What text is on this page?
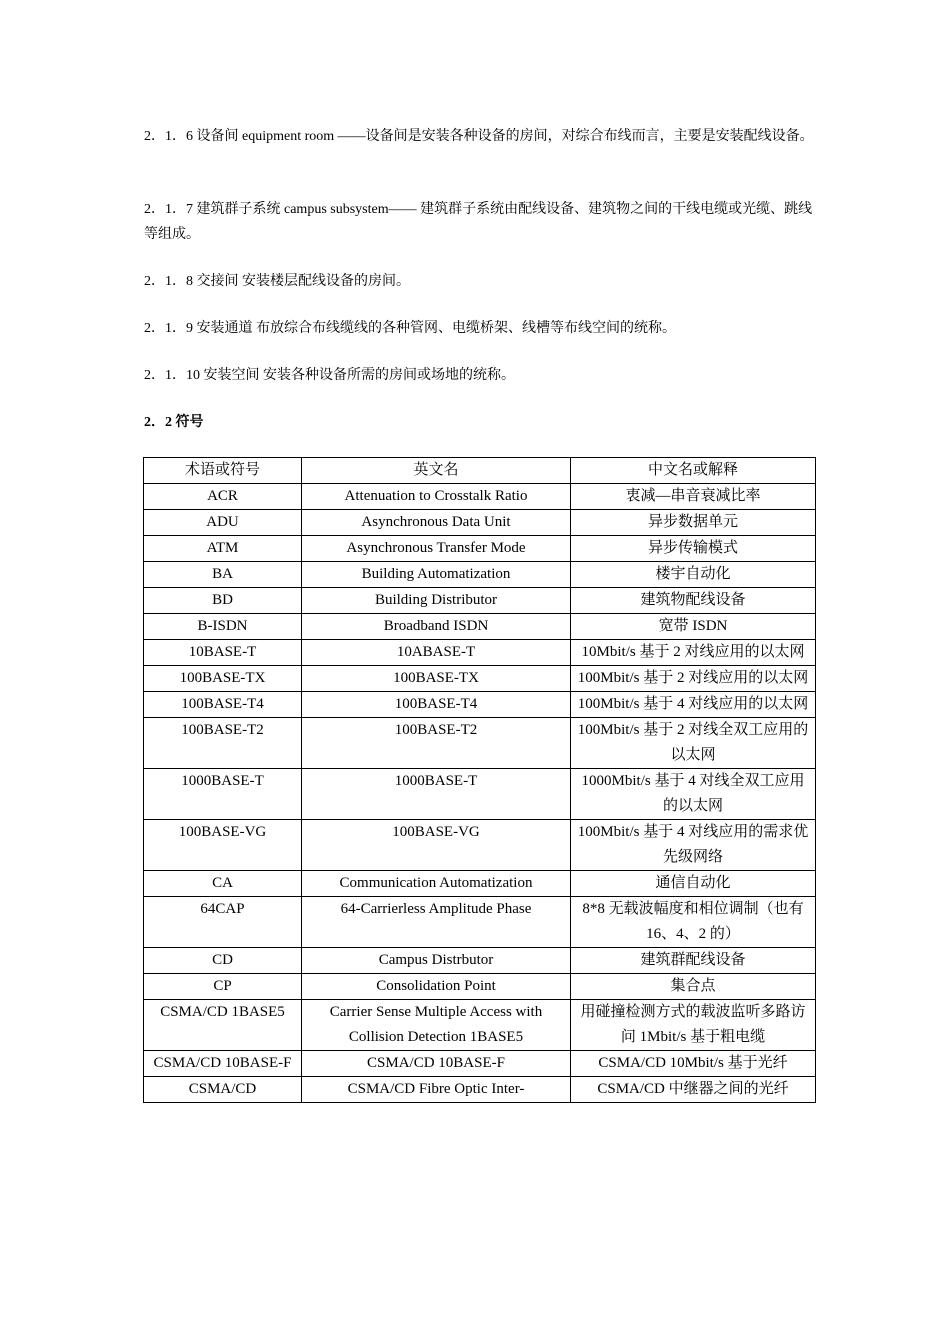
2．1．6 设备间 equipment room ——设备间是安装各种设备的房间，对综合布线而言，主要是安装配线设备。

2．1．7 建筑群子系统 campus subsystem—— 建筑群子系统由配线设备、建筑物之间的干线电缆或光缆、跳线等组成。

2．1．8 交接间 安装楼层配线设备的房间。

2．1．9 安装通道 布放综合布线缆线的各种管网、电缆桥架、线槽等布线空间的统称。

2．1．10 安装空间 安装各种设备所需的房间或场地的统称。

2．2 符号

术语或符号	英文名	中文名或解释
ACR	Attenuation to Crosstalk Ratio	衷减—串音衰减比率
ADU	Asynchronous Data Unit	异步数据单元
ATM	Asynchronous Transfer Mode	异步传输模式
BA	Building Automatization	楼宇自动化
BD	Building Distributor	建筑物配线设备
B-ISDN	Broadband ISDN	宽带 ISDN
10BASE-T	10ABASE-T	10Mbit/s 基于 2 对线应用的以太网
100BASE-TX	100BASE-TX	100Mbit/s 基于 2 对线应用的以太网
100BASE-T4	100BASE-T4	100Mbit/s 基于 4 对线应用的以太网
100BASE-T2	100BASE-T2	100Mbit/s 基于 2 对线全双工应用的以太网
1000BASE-T	1000BASE-T	1000Mbit/s 基于 4 对线全双工应用的以太网
100BASE-VG	100BASE-VG	100Mbit/s 基于 4 对线应用的需求优先级网络
CA	Communication Automatization	通信自动化
64CAP	64-Carrierless Amplitude Phase	8*8 无载波幅度和相位调制（也有 16、4、2 的）
CD	Campus Distrbutor	建筑群配线设备
CP	Consolidation Point	集合点
CSMA/CD 1BASE5	Carrier Sense Multiple Access with Collision Detection 1BASE5	用碰撞检测方式的载波监听多路访问 1Mbit/s 基于粗电缆
CSMA/CD 10BASE-F	CSMA/CD 10BASE-F	CSMA/CD 10Mbit/s 基于光纤
CSMA/CD	CSMA/CD Fibre Optic Inter-	CSMA/CD 中继器之间的光纤
